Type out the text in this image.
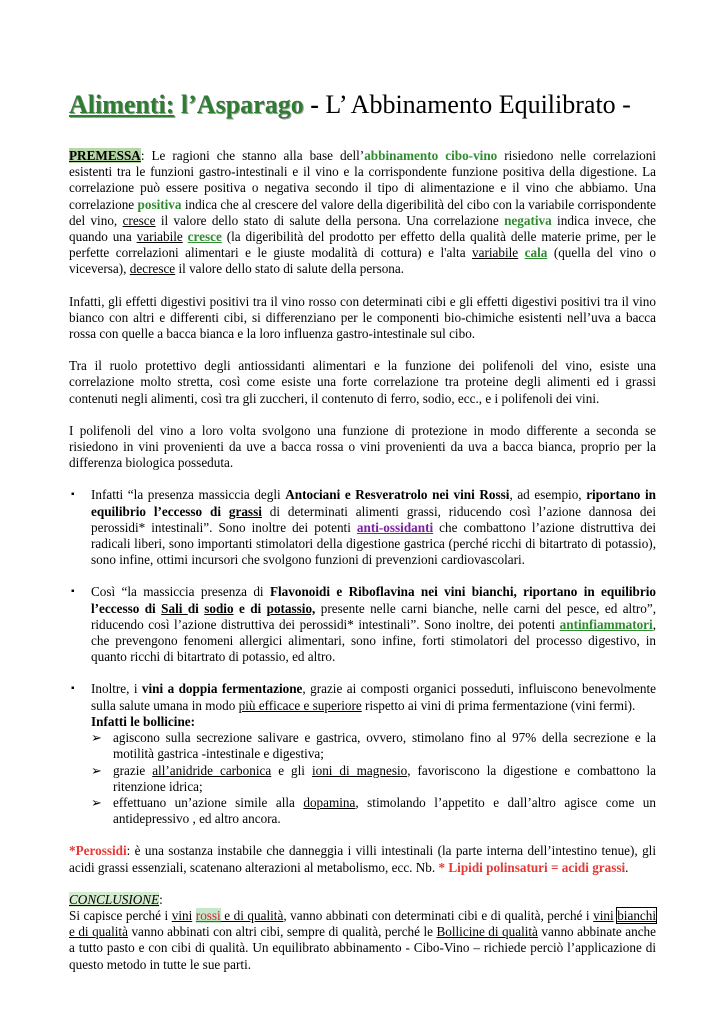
Alimenti: l’Asparago - L’ Abbinamento Equilibrato -

PREMESSA: Le ragioni che stanno alla base dell’abbinamento cibo-vino risiedono nelle correlazioni esistenti tra le funzioni gastro-intestinali e il vino e la corrispondente funzione positiva della digestione. La correlazione può essere positiva o negativa secondo il tipo di alimentazione e il vino che abbiamo. Una correlazione positiva indica che al crescere del valore della digeribilità del cibo con la variabile corrispondente del vino, cresce il valore dello stato di salute della persona. Una correlazione negativa indica invece, che quando una variabile cresce (la digeribilità del prodotto per effetto della qualità delle materie prime, per le perfette correlazioni alimentari e le giuste modalità di cottura) e l'alta variabile cala (quella del vino o viceversa), decresce il valore dello stato di salute della persona.

Infatti, gli effetti digestivi positivi tra il vino rosso con determinati cibi e gli effetti digestivi positivi tra il vino bianco con altri e differenti cibi, si differenziano per le componenti bio-chimiche esistenti nell’uva a bacca rossa con quelle a bacca bianca e la loro influenza gastro-intestinale sul cibo.

Tra il ruolo protettivo degli antiossidanti alimentari e la funzione dei polifenoli del vino, esiste una correlazione molto stretta, così come esiste una forte correlazione tra proteine degli alimenti ed i grassi contenuti negli alimenti, così tra gli zuccheri, il contenuto di ferro, sodio, ecc., e i polifenoli dei vini.

I polifenoli del vino a loro volta svolgono una funzione di protezione in modo differente a seconda se risiedono in vini provenienti da uve a bacca rossa o vini provenienti da uva a bacca bianca, proprio per la differenza biologica posseduta.

▪ Infatti “la presenza massiccia degli Antociani e Resveratrolo nei vini Rossi, ad esempio, riportano in equilibrio l’eccesso di grassi di determinati alimenti grassi, riducendo così l’azione dannosa dei perossidi* intestinali”. Sono inoltre dei potenti anti-ossidanti che combattono l’azione distruttiva dei radicali liberi, sono importanti stimolatori della digestione gastrica (perché ricchi di bitartrato di potassio), sono infine, ottimi incursori che svolgono funzioni di prevenzioni cardiovascolari.
▪ Così “la massiccia presenza di Flavonoidi e Riboflavina nei vini bianchi, riportano in equilibrio l’eccesso di Sali di sodio e di potassio, presente nelle carni bianche, nelle carni del pesce, ed altro”, riducendo così l’azione distruttiva dei perossidi* intestinali”. Sono inoltre, dei potenti antinfiammatori, che prevengono fenomeni allergici alimentari, sono infine, forti stimolatori del processo digestivo, in quanto ricchi di bitartrato di potassio, ed altro.
▪ Inoltre, i vini a doppia fermentazione, grazie ai composti organici posseduti, influiscono benevolmente sulla salute umana in modo più efficace e superiore rispetto ai vini di prima fermentazione (vini fermi).
Infatti le bollicine:
➢ agiscono sulla secrezione salivare e gastrica, ovvero, stimolano fino al 97% della secrezione e la motilità gastrica -intestinale e digestiva;
➢ grazie all’anidride carbonica e gli ioni di magnesio, favoriscono la digestione e combattono la ritenzione idrica;
➢ effettuano un’azione simile alla dopamina, stimolando l’appetito e dall’altro agisce come un antidepressivo , ed altro ancora.

*Perossidi: è una sostanza instabile che danneggia i villi intestinali (la parte interna dell’intestino tenue), gli acidi grassi essenziali, scatenano alterazioni al metabolismo, ecc. Nb. * Lipidi polinsaturi = acidi grassi.

CONCLUSIONE:
Si capisce perché i vini rossi e di qualità, vanno abbinati con determinati cibi e di qualità, perché i vini bianchi e di qualità vanno abbinati con altri cibi, sempre di qualità, perché le Bollicine di qualità vanno abbinate anche a tutto pasto e con cibi di qualità. Un equilibrato abbinamento - Cibo-Vino – richiede perciò l’applicazione di questo metodo in tutte le sue parti.
